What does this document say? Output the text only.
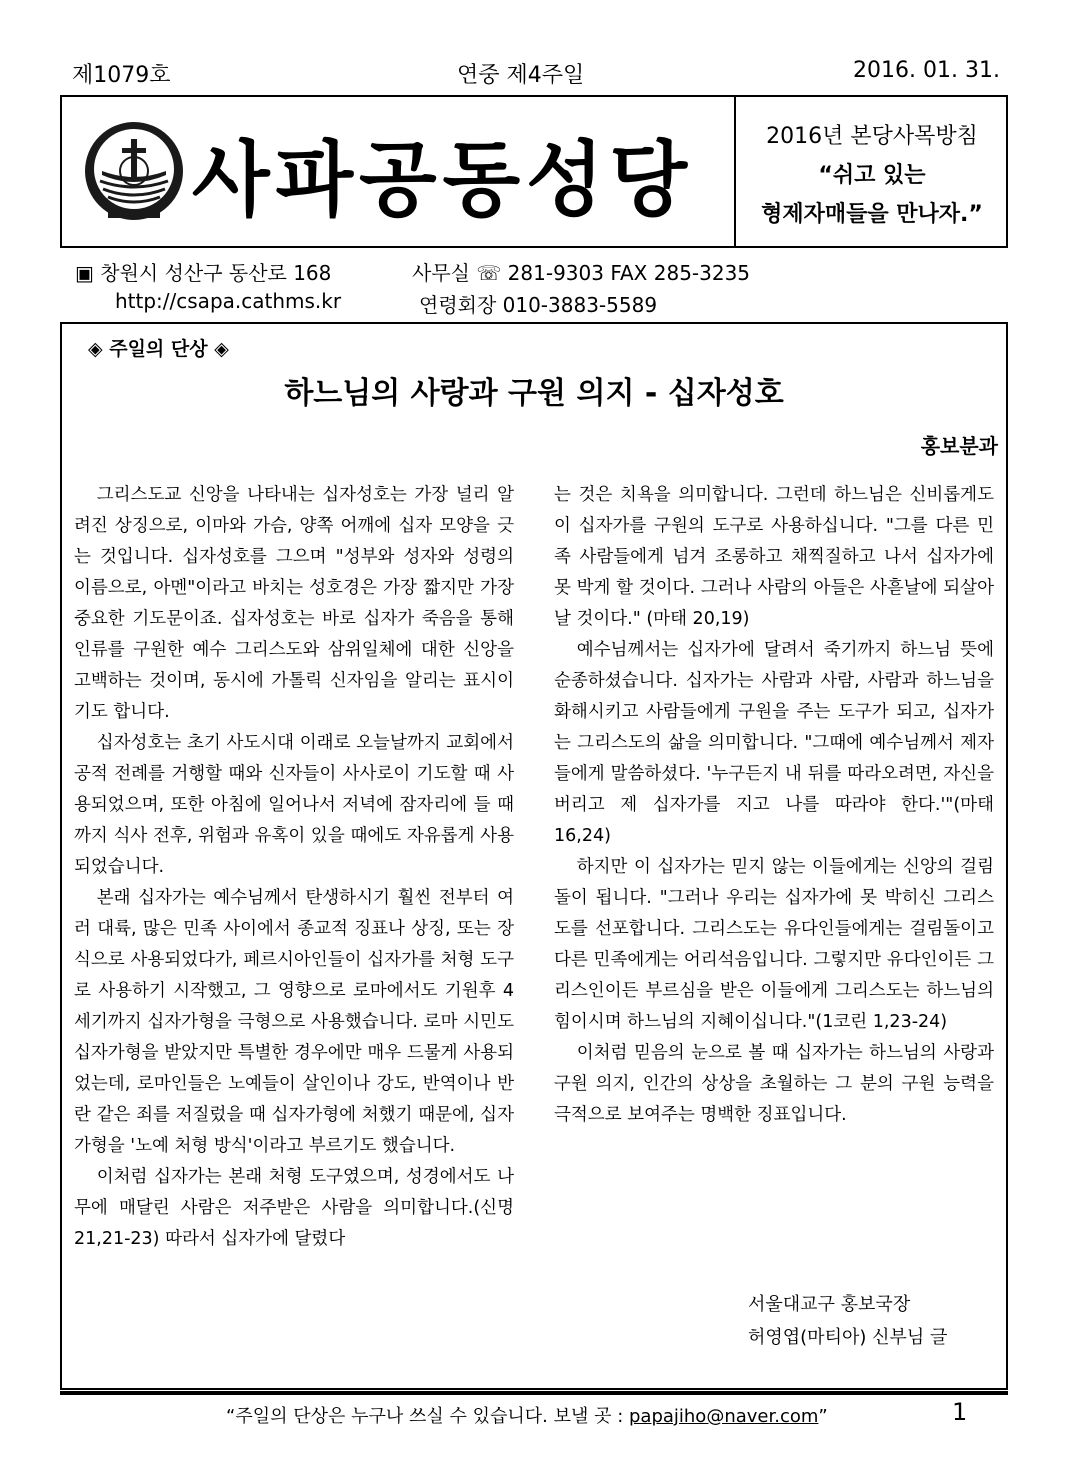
제1079호	연중 제4주일	2016. 01. 31.
사파공동성당	2016년 본당사목방침
“쉬고 있는
형제자매들을 만나자.”
▣ 창원시 성산구 동산로 168	사무실 ☏ 281-9303 FAX 285-3235
http://csapa.cathms.kr	연령회장 010-3883-5589
◈ 주일의 단상 ◈
하느님의 사랑과 구원 의지 - 십자성호
홍보분과

그리스도교 신앙을 나타내는 십자성호는 가장 널리 알려진 상징으로, 이마와 가슴, 양쪽 어깨에 십자 모양을 긋는 것입니다. 십자성호를 그으며 "성부와 성자와 성령의 이름으로, 아멘"이라고 바치는 성호경은 가장 짧지만 가장 중요한 기도문이죠. 십자성호는 바로 십자가 죽음을 통해 인류를 구원한 예수 그리스도와 삼위일체에 대한 신앙을 고백하는 것이며, 동시에 가톨릭 신자임을 알리는 표시이기도 합니다.

십자성호는 초기 사도시대 이래로 오늘날까지 교회에서 공적 전례를 거행할 때와 신자들이 사사로이 기도할 때 사용되었으며, 또한 아침에 일어나서 저녁에 잠자리에 들 때까지 식사 전후, 위험과 유혹이 있을 때에도 자유롭게 사용되었습니다.

본래 십자가는 예수님께서 탄생하시기 훨씬 전부터 여러 대륙, 많은 민족 사이에서 종교적 징표나 상징, 또는 장식으로 사용되었다가, 페르시아인들이 십자가를 처형 도구로 사용하기 시작했고, 그 영향으로 로마에서도 기원후 4세기까지 십자가형을 극형으로 사용했습니다. 로마 시민도 십자가형을 받았지만 특별한 경우에만 매우 드물게 사용되었는데, 로마인들은 노예들이 살인이나 강도, 반역이나 반란 같은 죄를 저질렀을 때 십자가형에 처했기 때문에, 십자가형을 '노예 처형 방식'이라고 부르기도 했습니다.

이처럼 십자가는 본래 처형 도구였으며, 성경에서도 나무에 매달린 사람은 저주받은 사람을 의미합니다.(신명 21,21-23) 따라서 십자가에 달렸다

는 것은 치욕을 의미합니다. 그런데 하느님은 신비롭게도 이 십자가를 구원의 도구로 사용하십니다. "그를 다른 민족 사람들에게 넘겨 조롱하고 채찍질하고 나서 십자가에 못 박게 할 것이다. 그러나 사람의 아들은 사흗날에 되살아날 것이다." (마태 20,19)

예수님께서는 십자가에 달려서 죽기까지 하느님 뜻에 순종하셨습니다. 십자가는 사람과 사람, 사람과 하느님을 화해시키고 사람들에게 구원을 주는 도구가 되고, 십자가는 그리스도의 삶을 의미합니다. "그때에 예수님께서 제자들에게 말씀하셨다. '누구든지 내 뒤를 따라오려면, 자신을 버리고 제 십자가를 지고 나를 따라야 한다.'"(마태 16,24)

하지만 이 십자가는 믿지 않는 이들에게는 신앙의 걸림돌이 됩니다. "그러나 우리는 십자가에 못 박히신 그리스도를 선포합니다. 그리스도는 유다인들에게는 걸림돌이고 다른 민족에게는 어리석음입니다. 그렇지만 유다인이든 그리스인이든 부르심을 받은 이들에게 그리스도는 하느님의 힘이시며 하느님의 지혜이십니다."(1코린 1,23-24)

이처럼 믿음의 눈으로 볼 때 십자가는 하느님의 사랑과 구원 의지, 인간의 상상을 초월하는 그 분의 구원 능력을 극적으로 보여주는 명백한 징표입니다.

서울대교구 홍보국장
허영엽(마티아) 신부님 글
“주일의 단상은 누구나 쓰실 수 있습니다. 보낼 곳 : papajiho@naver.com”	1
